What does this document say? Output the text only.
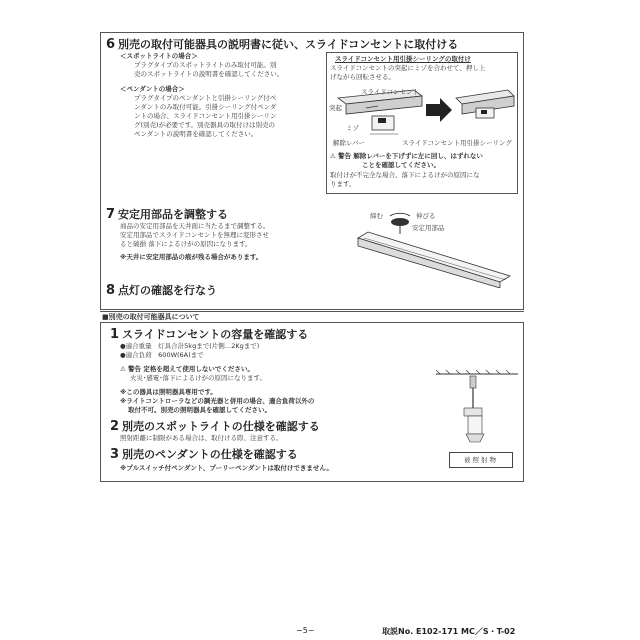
6 別売の取付可能器具の説明書に従い、スライドコンセントに取付ける
＜スポットライトの場合＞
プラグタイプのスポットライトのみ取付可能。別
売のスポットライトの説明書を確認してください。
＜ペンダントの場合＞
プラグタイプのペンダントと引掛シーリング付ペ
ンダントのみ取付可能。引掛シーリング付ペンダ
ントの場合、スライドコンセント用引掛シーリン
グ(別売)が必要です。別売器具の取付けは別売の
ペンダントの説明書を確認してください。
スライドコンセント用引掛シーリングの取付け
スライドコンセントの突起にミゾを合わせて、押し上
げながら回転させる。
スライドコンセント
突起
ミゾ
解除レバー	スライドコンセント用引掛シーリング
⚠ 警告 解除レバーを下げずに左に回し、はずれない
ことを確認してください。
取付けが不完全な場合、落下によるけがの原因にな
ります。
7 安定用部品を調整する
商品の安定用部品を天井面に当たるまで調整する。
安定用部品でスライドコンセントを無理に変形させ
ると破損 落下によるけがの原因になります。
※天井に安定用部品の痕が残る場合があります。
締む	伸びる
安定用部品
8 点灯の確認を行なう
■別売の取付可能器具について
1 スライドコンセントの容量を確認する
●適合重量　灯具合計5kgまで(片側…2Kgまで)
●適合負荷　600W(6A)まで
⚠ 警告 定格を超えて使用しないでください。
火災･感電･落下によるけがの原因になります。
※この器具は照明器具専用です。
※ライトコントローラなどの調光器と併用の場合、適合負荷以外の
取付不可。別売の照明器具を確認してください。
2 別売のスポットライトの仕様を確認する
照射距離に制限がある場合は、取付ける際、注意する。
3 別売のペンダントの仕様を確認する
※プルスイッチ付ペンダント、プーリーペンダントは取付けできません。
被照射物
−5−	取説No. E102-171 MC／S・T-02
